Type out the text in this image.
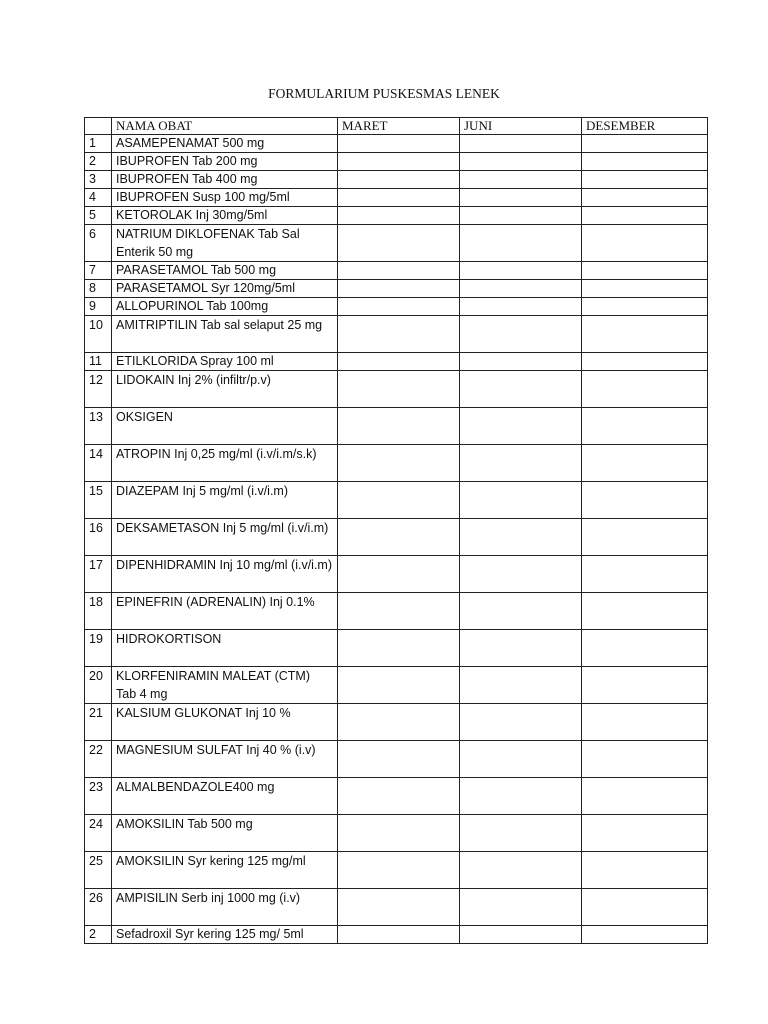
FORMULARIUM PUSKESMAS LENEK
	NAMA OBAT	MARET	JUNI	DESEMBER
1	ASAMEPENAMAT 500 mg			
2	IBUPROFEN Tab 200 mg			
3	IBUPROFEN Tab 400 mg			
4	IBUPROFEN Susp 100 mg/5ml			
5	KETOROLAK Inj 30mg/5ml			
6	NATRIUM DIKLOFENAK Tab Sal Enterik 50 mg			
7	PARASETAMOL Tab 500 mg			
8	PARASETAMOL Syr 120mg/5ml			
9	ALLOPURINOL Tab 100mg			
10	AMITRIPTILIN Tab sal selaput 25 mg			
11	ETILKLORIDA Spray 100 ml			
12	LIDOKAIN Inj 2% (infiltr/p.v)			
13	OKSIGEN			
14	ATROPIN Inj 0,25 mg/ml (i.v/i.m/s.k)			
15	DIAZEPAM Inj 5 mg/ml (i.v/i.m)			
16	DEKSAMETASON Inj 5 mg/ml (i.v/i.m)			
17	DIPENHIDRAMIN Inj 10 mg/ml (i.v/i.m)			
18	EPINEFRIN (ADRENALIN) Inj 0.1%			
19	HIDROKORTISON			
20	KLORFENIRAMIN MALEAT (CTM) Tab 4 mg			
21	KALSIUM GLUKONAT Inj 10 %			
22	MAGNESIUM SULFAT Inj 40 % (i.v)			
23	ALMALBENDAZOLE400 mg			
24	AMOKSILIN Tab 500 mg			
25	AMOKSILIN Syr kering 125 mg/ml			
26	AMPISILIN Serb inj 1000 mg (i.v)			
2	Sefadroxil Syr kering 125 mg/ 5ml			
